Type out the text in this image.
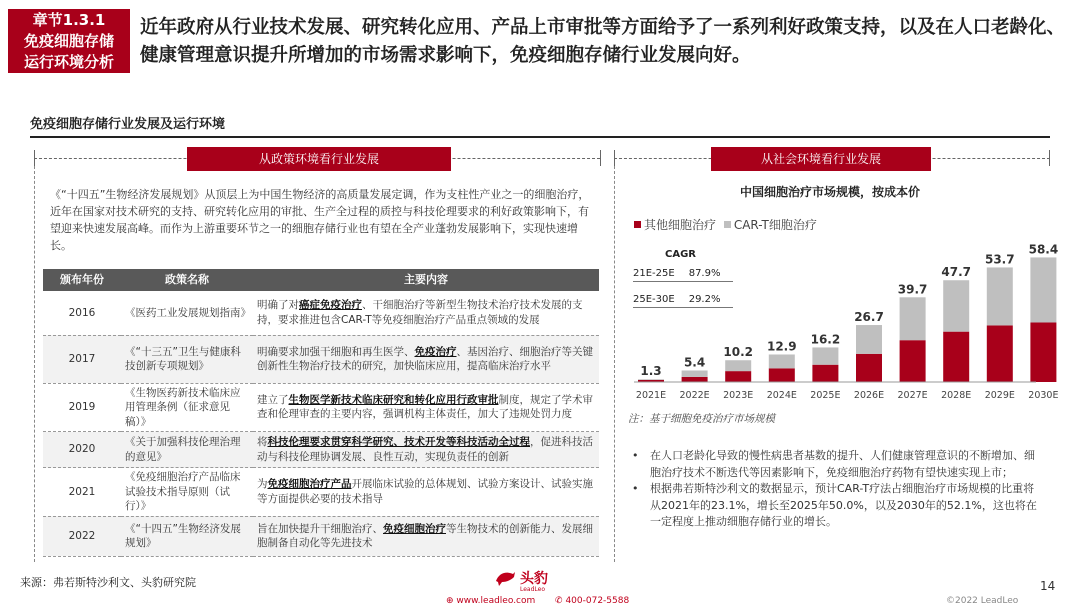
章节1.3.1
免疫细胞存储
运行环境分析
近年政府从行业技术发展、研究转化应用、产品上市审批等方面给予了一系列利好政策支持，以及在人口老龄化、健康管理意识提升所增加的市场需求影响下，免疫细胞存储行业发展向好。
免疫细胞存储行业发展及运行环境
从政策环境看行业发展	从社会环境看行业发展
《“十四五”生物经济发展规划》从顶层上为中国生物经济的高质量发展定调，作为支柱性产业之一的细胞治疗，近年在国家对技术研究的支持、研究转化应用的审批、生产全过程的质控与科技伦理要求的利好政策影响下，有望迎来快速发展高峰。而作为上游重要环节之一的细胞存储行业也有望在全产业蓬勃发展影响下，实现快速增长。
颁布年份	政策名称	主要内容
2016	《医药工业发展规划指南》	明确了对癌症免疫治疗、干细胞治疗等新型生物技术治疗技术发展的支持，要求推进包含CAR-T等免疫细胞治疗产品重点领域的发展
2017	《“十三五”卫生与健康科技创新专项规划》	明确要求加强干细胞和再生医学、免疫治疗、基因治疗、细胞治疗等关键创新性生物治疗技术的研究，加快临床应用，提高临床治疗水平
2019	《生物医药新技术临床应用管理条例（征求意见稿）》	建立了生物医学新技术临床研究和转化应用行政审批制度，规定了学术审查和伦理审查的主要内容，强调机构主体责任，加大了违规处罚力度
2020	《关于加强科技伦理治理的意见》	将科技伦理要求贯穿科学研究、技术开发等科技活动全过程，促进科技活动与科技伦理协调发展、良性互动，实现负责任的创新
2021	《免疫细胞治疗产品临床试验技术指导原则（试行）》	为免疫细胞治疗产品开展临床试验的总体规划、试验方案设计、试验实施等方面提供必要的技术指导
2022	《“十四五”生物经济发展规划》	旨在加快提升干细胞治疗、免疫细胞治疗等生物技术的创新能力、发展细胞制备自动化等先进技术
中国细胞治疗市场规模，按成本价
其他细胞治疗 CAR-T细胞治疗
CAGR
21E-25E 87.9%
25E-30E 29.2%
1.3
2021E
5.4
2022E
10.2
2023E
12.9
2024E
16.2
2025E
26.7
2026E
39.7
2027E
47.7
2028E
53.7
2029E
58.4
2030E
注：基于细胞免疫治疗市场规模
• 在人口老龄化导致的慢性病患者基数的提升、人们健康管理意识的不断增加、细胞治疗技术不断迭代等因素影响下，免疫细胞治疗药物有望快速实现上市；
• 根据弗若斯特沙利文的数据显示，预计CAR-T疗法占细胞治疗市场规模的比重将从2021年的23.1%，增长至2025年50.0%，以及2030年的52.1%，这也将在一定程度上推动细胞存储行业的增长。
来源：弗若斯特沙利文、头豹研究院	头豹
LeadLeo
⊕ www.leadleo.com ✆ 400-072-5588
14
©2022 LeadLeo
